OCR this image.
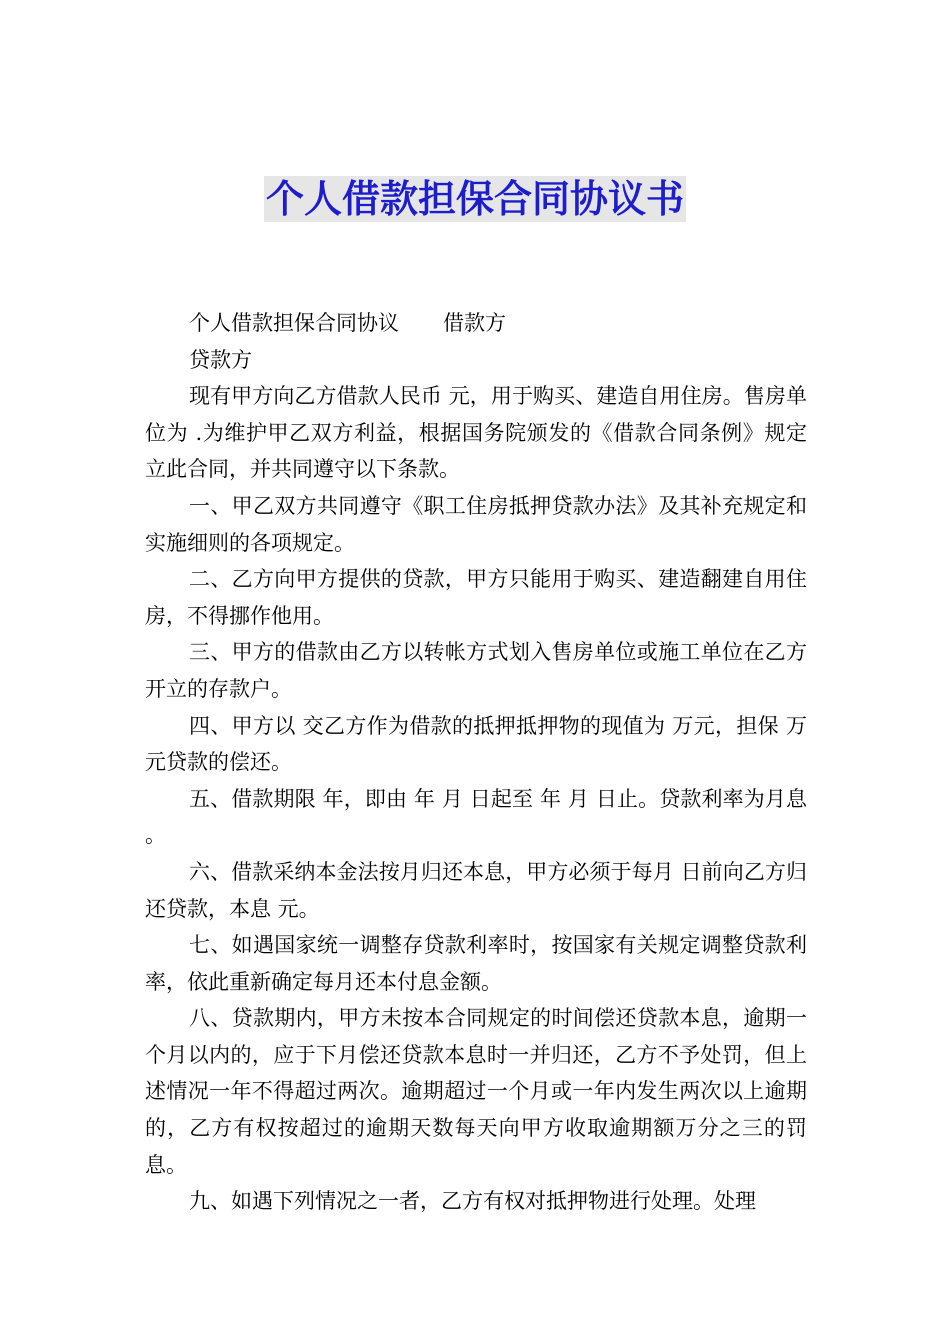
个人借款担保合同协议书

个人借款担保合同协议 借款方

贷款方

现有甲方向乙方借款人民币 元，用于购买、建造自用住房。售房单位为 .为维护甲乙双方利益，根据国务院颁发的《借款合同条例》规定立此合同，并共同遵守以下条款。

一、甲乙双方共同遵守《职工住房抵押贷款办法》及其补充规定和实施细则的各项规定。

二、乙方向甲方提供的贷款，甲方只能用于购买、建造翻建自用住房，不得挪作他用。

三、甲方的借款由乙方以转帐方式划入售房单位或施工单位在乙方开立的存款户。

四、甲方以 交乙方作为借款的抵押抵押物的现值为 万元，担保 万元贷款的偿还。

五、借款期限 年，即由 年 月 日起至 年 月 日止。贷款利率为月息 。

六、借款采纳本金法按月归还本息，甲方必须于每月 日前向乙方归还贷款，本息 元。

七、如遇国家统一调整存贷款利率时，按国家有关规定调整贷款利率，依此重新确定每月还本付息金额。

八、贷款期内，甲方未按本合同规定的时间偿还贷款本息，逾期一个月以内的，应于下月偿还贷款本息时一并归还，乙方不予处罚，但上述情况一年不得超过两次。逾期超过一个月或一年内发生两次以上逾期的，乙方有权按超过的逾期天数每天向甲方收取逾期额万分之三的罚息。

九、如遇下列情况之一者，乙方有权对抵押物进行处理。处理
